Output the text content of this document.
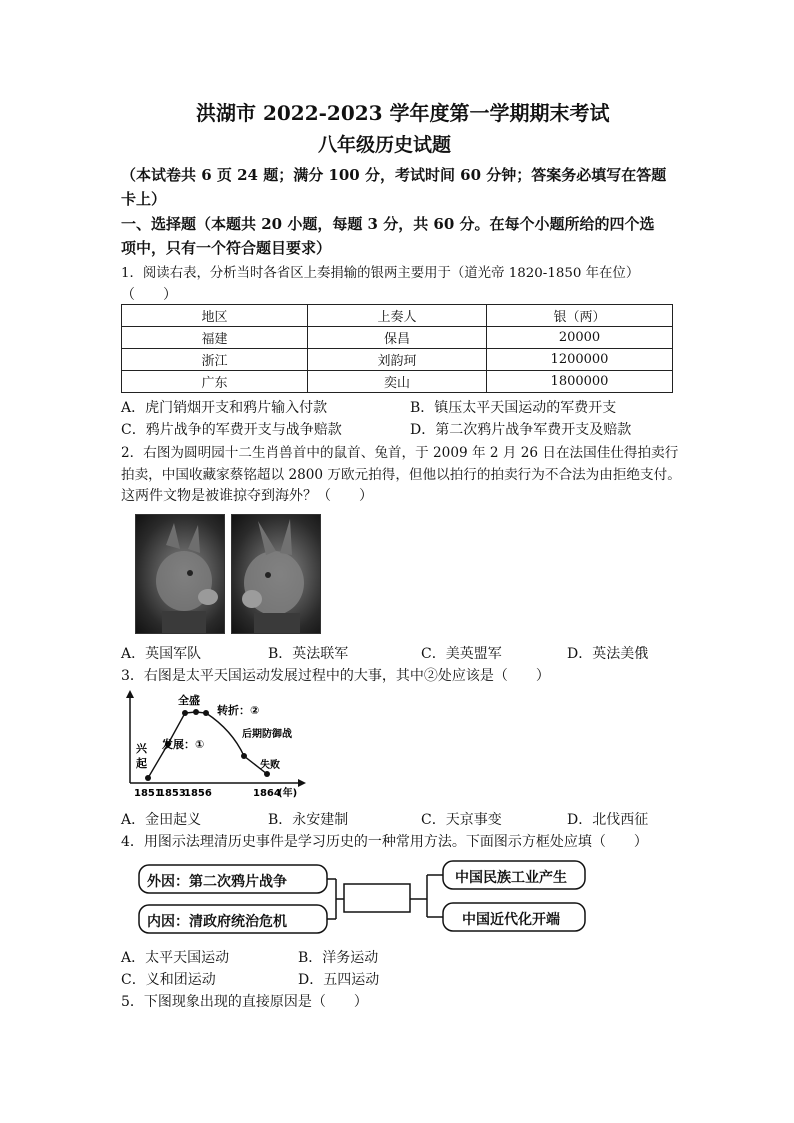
洪湖市 2022-2023 学年度第一学期期末考试
八年级历史试题
（本试卷共 6 页 24 题；满分 100 分，考试时间 60 分钟；答案务必填写在答题
卡上）
一、选择题（本题共 20 小题，每题 3 分，共 60 分。在每个小题所给的四个选
项中，只有一个符合题目要求）
1．阅读右表，分析当时各省区上奏捐输的银两主要用于（道光帝 1820-1850 年在位）
（　　）
地区	上奏人	银（两）
福建	保昌	20000
浙江	刘韵珂	1200000
广东	奕山	1800000
A．虎门销烟开支和鸦片输入付款	B．镇压太平天国运动的军费开支
C．鸦片战争的军费开支与战争赔款	D．第二次鸦片战争军费开支及赔款
2．右图为圆明园十二生肖兽首中的鼠首、兔首，于 2009 年 2 月 26 日在法国佳仕得拍卖行
拍卖，中国收藏家蔡铭超以 2800 万欧元拍得，但他以拍行的拍卖行为不合法为由拒绝支付。
这两件文物是被谁掠夺到海外？（　　）
A．英国军队	B．英法联军	C．美英盟军	D．英法美俄
3．右图是太平天国运动发展过程中的大事，其中②处应该是（　　）
兴
起
发展：①
全盛
转折：②
后期防御战
失败
1851
1853
1856	1864
(年)
A．金田起义	B．永安建制	C．天京事变	D．北伐西征
4．用图示法理清历史事件是学习历史的一种常用方法。下面图示方框处应填（　　）
外因：第二次鸦片战争
内因：清政府统治危机
中国民族工业产生
中国近代化开端
A．太平天国运动	B．洋务运动
C．义和团运动	D．五四运动
5．下图现象出现的直接原因是（　　）
